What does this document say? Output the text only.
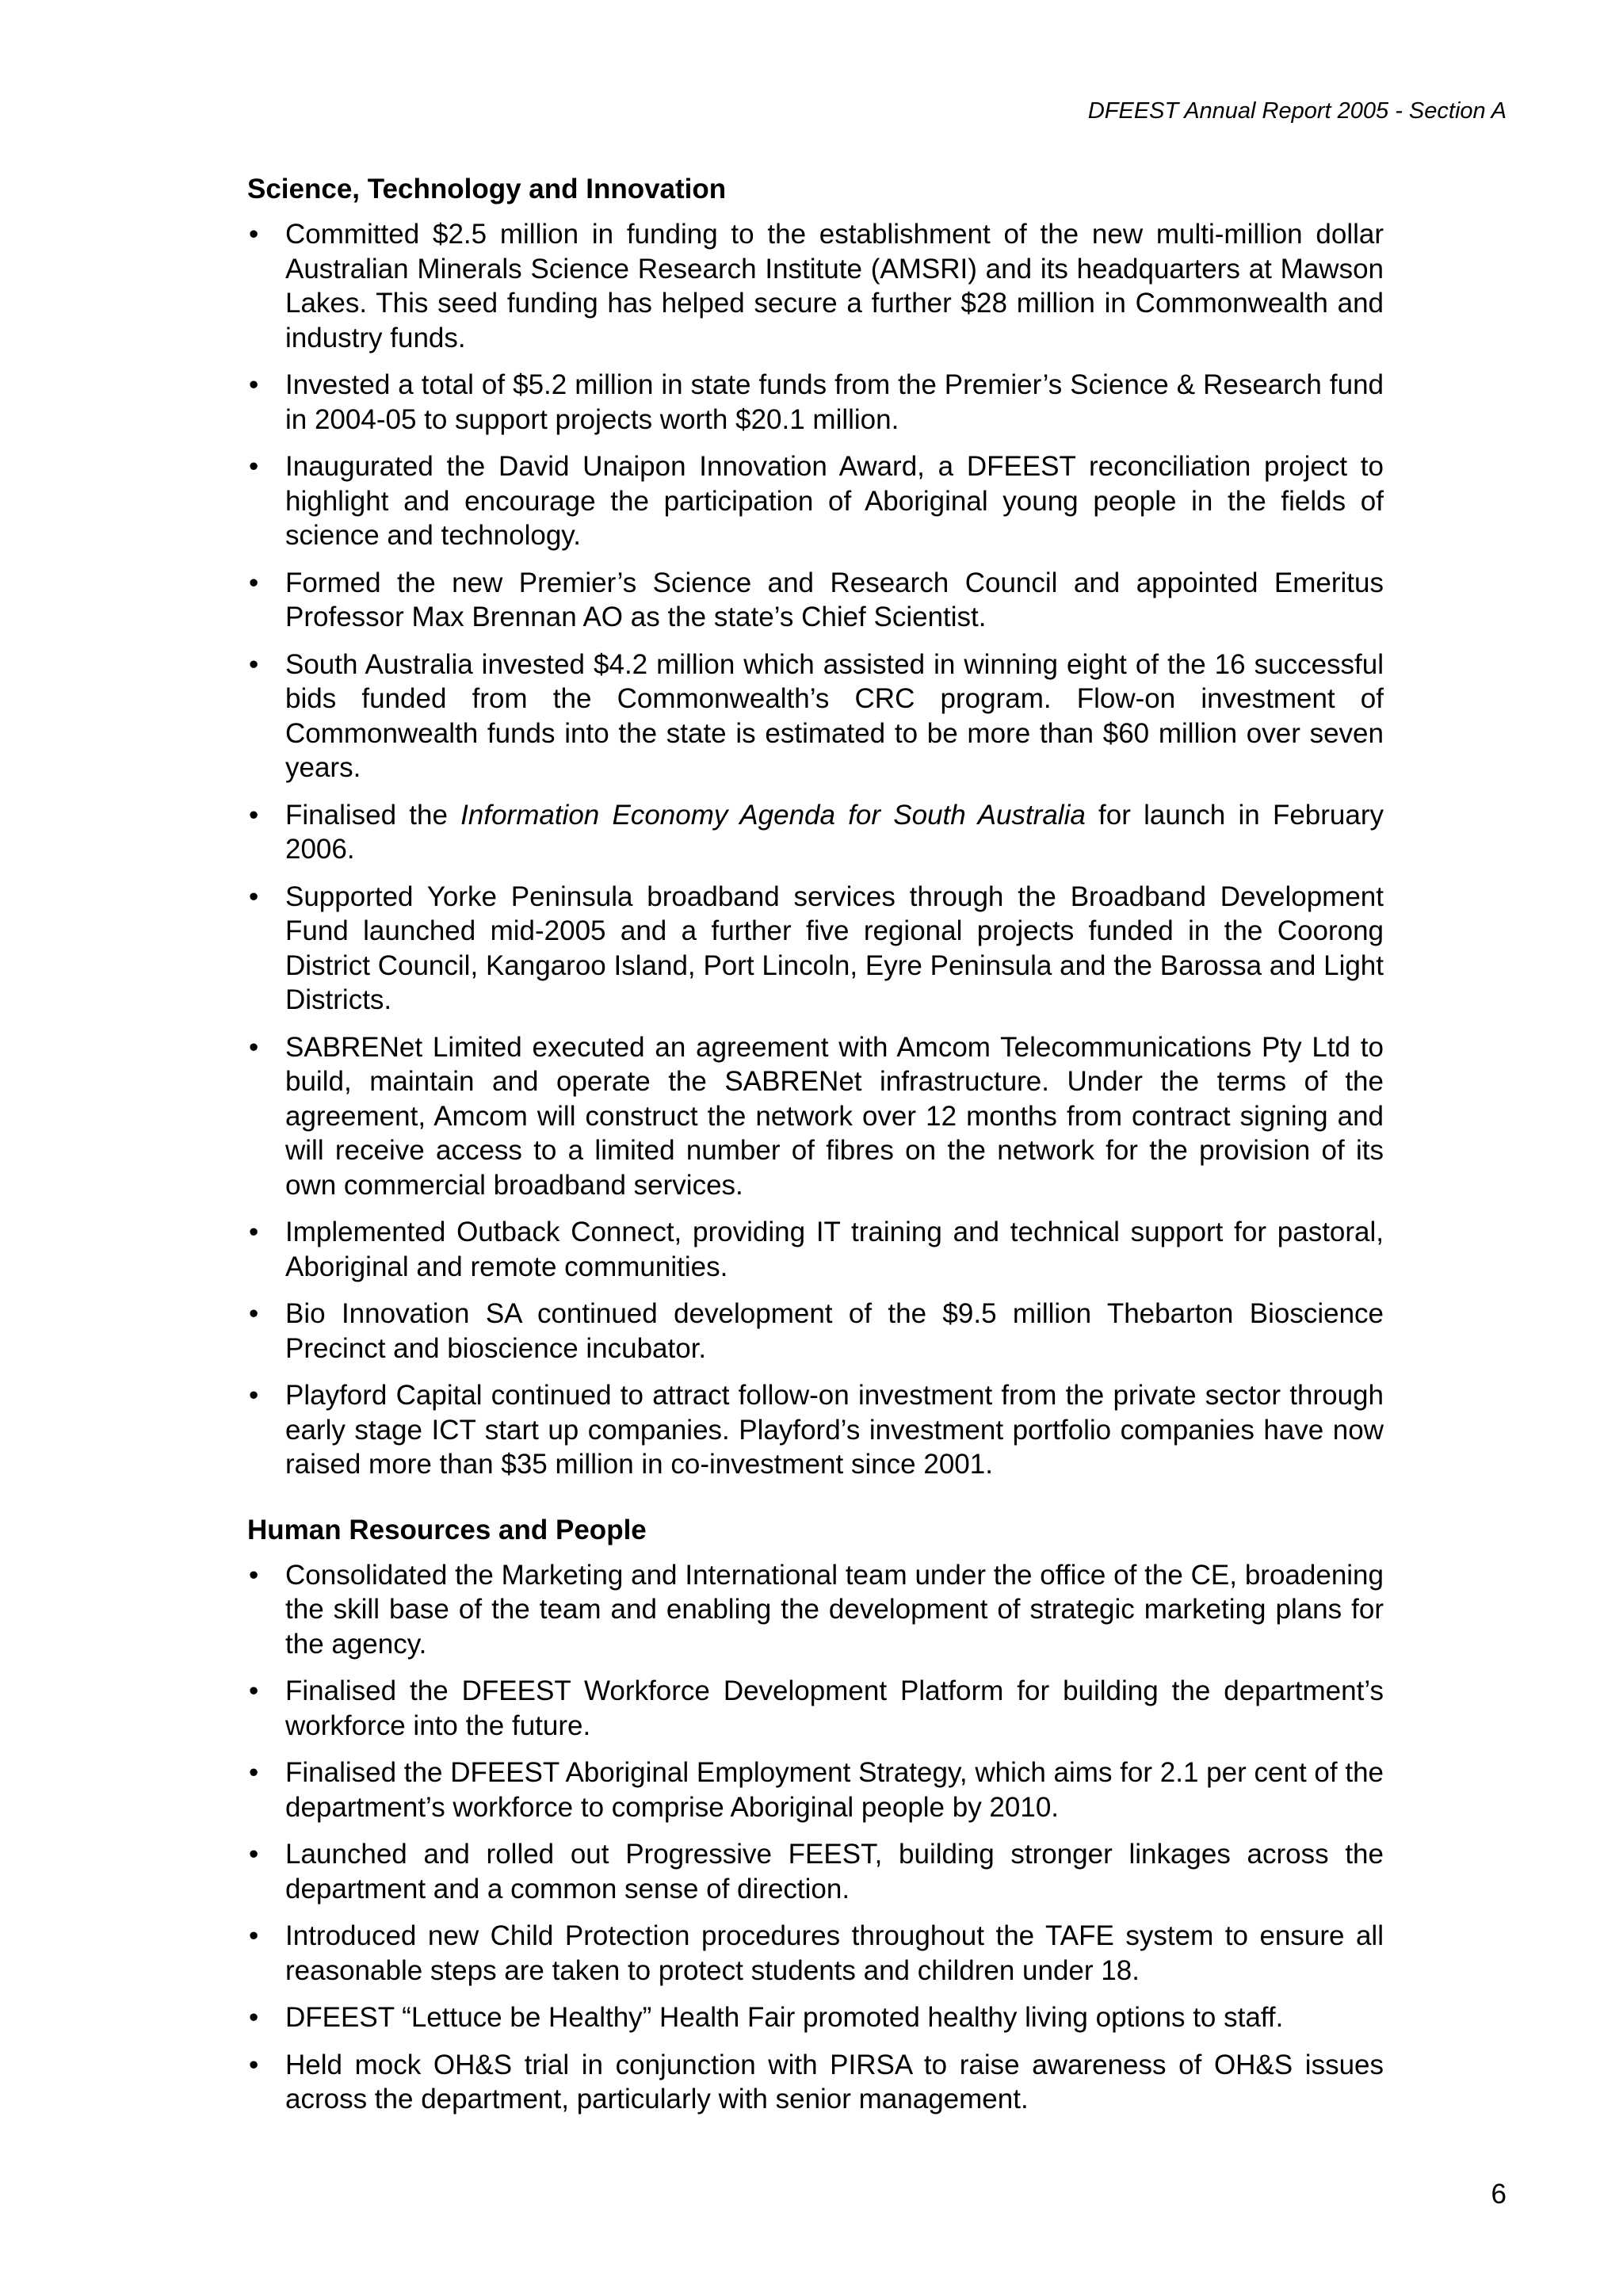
DFEEST Annual Report 2005 - Section A
Science, Technology and Innovation
• Committed $2.5 million in funding to the establishment of the new multi-million dollar Australian Minerals Science Research Institute (AMSRI) and its headquarters at Mawson Lakes. This seed funding has helped secure a further $28 million in Commonwealth and industry funds.
• Invested a total of $5.2 million in state funds from the Premier’s Science & Research fund in 2004-05 to support projects worth $20.1 million.
• Inaugurated the David Unaipon Innovation Award, a DFEEST reconciliation project to highlight and encourage the participation of Aboriginal young people in the fields of science and technology.
• Formed the new Premier’s Science and Research Council and appointed Emeritus Professor Max Brennan AO as the state’s Chief Scientist.
• South Australia invested $4.2 million which assisted in winning eight of the 16 successful bids funded from the Commonwealth’s CRC program. Flow-on investment of Commonwealth funds into the state is estimated to be more than $60 million over seven years.
• Finalised the Information Economy Agenda for South Australia for launch in February 2006.
• Supported Yorke Peninsula broadband services through the Broadband Development Fund launched mid-2005 and a further five regional projects funded in the Coorong District Council, Kangaroo Island, Port Lincoln, Eyre Peninsula and the Barossa and Light Districts.
• SABRENet Limited executed an agreement with Amcom Telecommunications Pty Ltd to build, maintain and operate the SABRENet infrastructure. Under the terms of the agreement, Amcom will construct the network over 12 months from contract signing and will receive access to a limited number of fibres on the network for the provision of its own commercial broadband services.
• Implemented Outback Connect, providing IT training and technical support for pastoral, Aboriginal and remote communities.
• Bio Innovation SA continued development of the $9.5 million Thebarton Bioscience Precinct and bioscience incubator.
• Playford Capital continued to attract follow-on investment from the private sector through early stage ICT start up companies. Playford’s investment portfolio companies have now raised more than $35 million in co-investment since 2001.
Human Resources and People
• Consolidated the Marketing and International team under the office of the CE, broadening the skill base of the team and enabling the development of strategic marketing plans for the agency.
• Finalised the DFEEST Workforce Development Platform for building the department’s workforce into the future.
• Finalised the DFEEST Aboriginal Employment Strategy, which aims for 2.1 per cent of the department’s workforce to comprise Aboriginal people by 2010.
• Launched and rolled out Progressive FEEST, building stronger linkages across the department and a common sense of direction.
• Introduced new Child Protection procedures throughout the TAFE system to ensure all reasonable steps are taken to protect students and children under 18.
• DFEEST “Lettuce be Healthy” Health Fair promoted healthy living options to staff.
• Held mock OH&S trial in conjunction with PIRSA to raise awareness of OH&S issues across the department, particularly with senior management.
6
